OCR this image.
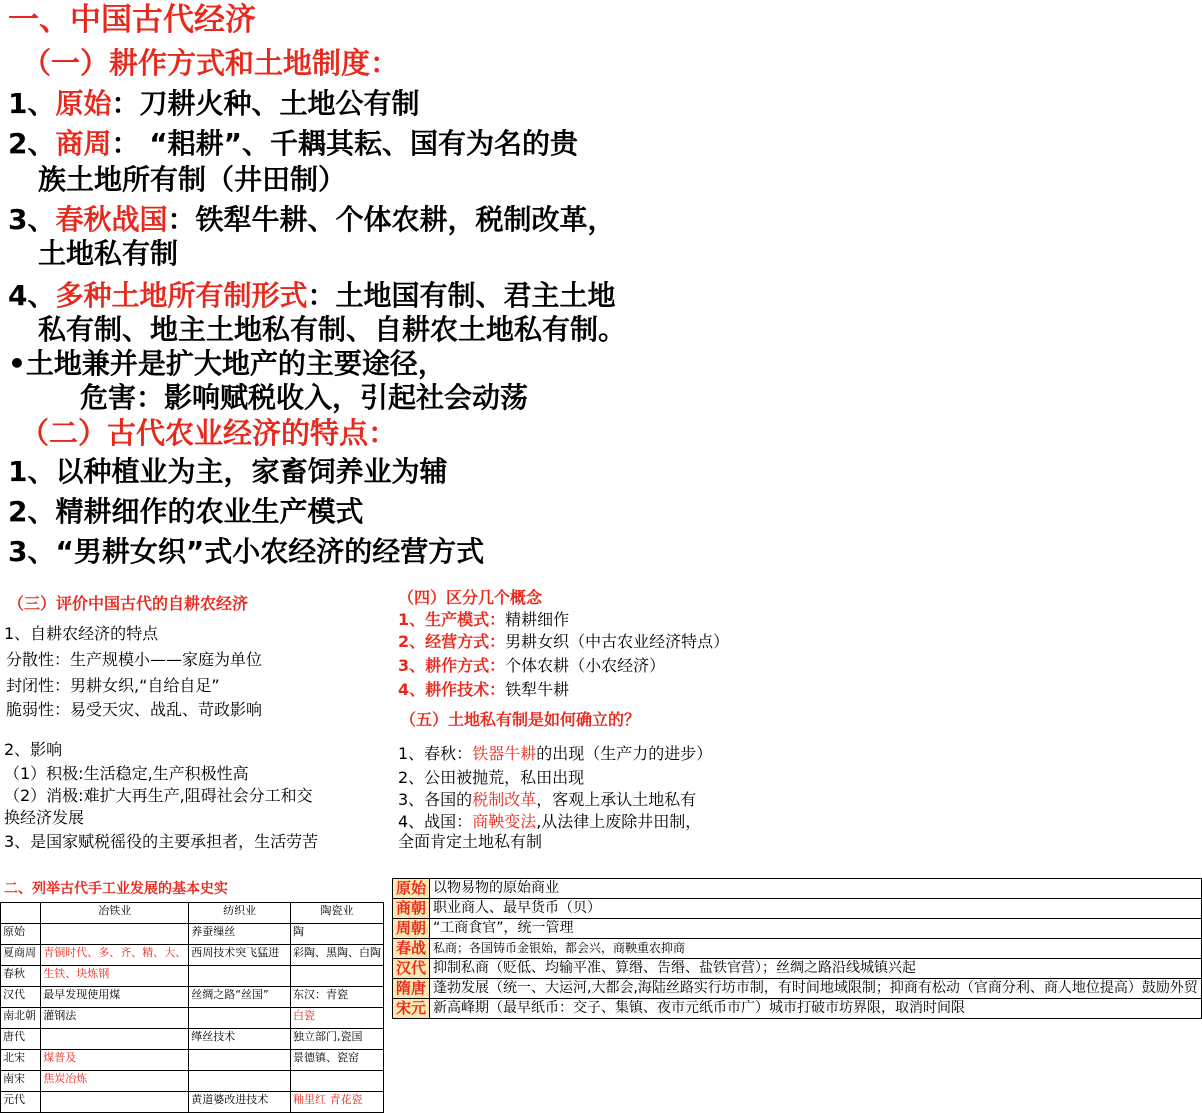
一、中国古代经济
（一）耕作方式和土地制度：
1、原始：刀耕火种、土地公有制
2、商周： “耜耕”、千耦其耘、国有为名的贵
族土地所有制（井田制）
3、春秋战国：铁犁牛耕、个体农耕，税制改革，
土地私有制
4、多种土地所有制形式：土地国有制、君主土地
私有制、地主土地私有制、自耕农土地私有制。
•土地兼并是扩大地产的主要途径，
危害：影响赋税收入，引起社会动荡
（二）古代农业经济的特点：
1、以种植业为主，家畜饲养业为辅
2、精耕细作的农业生产模式
3、“男耕女织”式小农经济的经营方式
（三）评价中国古代的自耕农经济
1、自耕农经济的特点
分散性：生产规模小——家庭为单位
封闭性：男耕女织,“自给自足”
脆弱性：易受天灾、战乱、苛政影响
2、影响
（1）积极:生活稳定,生产积极性高
（2）消极:难扩大再生产,阻碍社会分工和交
换经济发展
3、是国家赋税徭役的主要承担者，生活劳苦
（四）区分几个概念
1、生产模式：精耕细作
2、经营方式：男耕女织（中古农业经济特点）
3、耕作方式：个体农耕（小农经济）
4、耕作技术：铁犁牛耕
（五）土地私有制是如何确立的？
1、春秋：铁器牛耕的出现（生产力的进步）
2、公田被抛荒，私田出现
3、各国的税制改革，客观上承认土地私有
4、战国：商鞅变法,从法律上废除井田制，
全面肯定土地私有制
二、列举古代手工业发展的基本史实
	冶铁业	纺织业	陶瓷业
原始		养蚕缫丝	陶
夏商周	青铜时代、多、齐、精、大、	西周技术突飞猛进	彩陶、黑陶、白陶
春秋	生铁、块炼钢		
汉代	最早发现使用煤	丝绸之路“丝国”	东汉：青瓷
南北朝	灌钢法		白瓷
唐代		缂丝技术	独立部门,瓷国
北宋	煤普及		景德镇、瓷窑
南宋	焦炭冶炼		
元代		黄道婆改进技术	釉里红 青花瓷
原始	以物易物的原始商业
商朝	职业商人、最早货币（贝）
周朝	“工商食官”，统一管理
春战	私商；各国铸币金银始，都会兴，商鞅重农抑商
汉代	抑制私商（贬低、均输平准、算缗、告缗、盐铁官营）；丝绸之路沿线城镇兴起
隋唐	蓬勃发展（统一、大运河,大都会,海陆丝路实行坊市制，有时间地域限制；抑商有松动（官商分利、商人地位提高）鼓励外贸
宋元	新高峰期（最早纸币：交子、集镇、夜市元纸币市广）城市打破市坊界限，取消时间限
